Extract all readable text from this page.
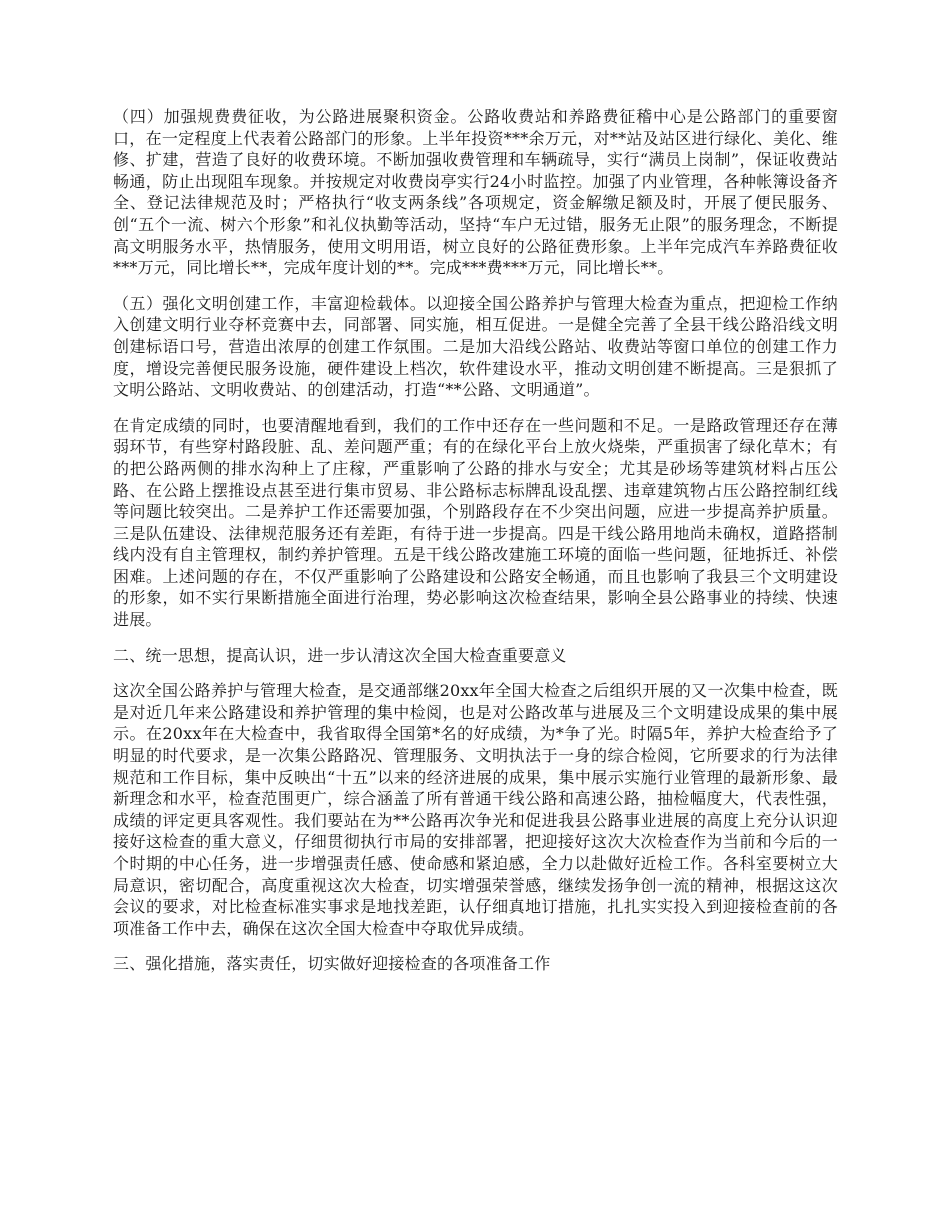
（四）加强规费费征收，为公路进展聚积资金。公路收费站和养路费征稽中心是公路部门的重要窗口，在一定程度上代表着公路部门的形象。上半年投资***余万元，对**站及站区进行绿化、美化、维修、扩建，营造了良好的收费环境。不断加强收费管理和车辆疏导，实行“满员上岗制”，保证收费站畅通，防止出现阻车现象。并按规定对收费岗亭实行24小时监控。加强了内业管理，各种帐簿设备齐全、登记法律规范及时；严格执行“收支两条线”各项规定，资金解缴足额及时，开展了便民服务、创“五个一流、树六个形象”和礼仪执勤等活动，坚持“车户无过错，服务无止限”的服务理念，不断提高文明服务水平，热情服务，使用文明用语，树立良好的公路征费形象。上半年完成汽车养路费征收***万元，同比增长**，完成年度计划的**。完成***费***万元，同比增长**。

（五）强化文明创建工作，丰富迎检载体。以迎接全国公路养护与管理大检查为重点，把迎检工作纳入创建文明行业夺杯竞赛中去，同部署、同实施，相互促进。一是健全完善了全县干线公路沿线文明创建标语口号，营造出浓厚的创建工作氛围。二是加大沿线公路站、收费站等窗口单位的创建工作力度，增设完善便民服务设施，硬件建设上档次，软件建设水平，推动文明创建不断提高。三是狠抓了文明公路站、文明收费站、的创建活动，打造“**公路、文明通道”。

在肯定成绩的同时，也要清醒地看到，我们的工作中还存在一些问题和不足。一是路政管理还存在薄弱环节，有些穿村路段脏、乱、差问题严重；有的在绿化平台上放火烧柴，严重损害了绿化草木；有的把公路两侧的排水沟种上了庄稼，严重影响了公路的排水与安全；尤其是砂场等建筑材料占压公路、在公路上摆推设点甚至进行集市贸易、非公路标志标牌乱设乱摆、违章建筑物占压公路控制红线等问题比较突出。二是养护工作还需要加强，个别路段存在不少突出问题，应进一步提高养护质量。三是队伍建设、法律规范服务还有差距，有待于进一步提高。四是干线公路用地尚未确权，道路搭制线内没有自主管理权，制约养护管理。五是干线公路改建施工环境的面临一些问题，征地拆迁、补偿困难。上述问题的存在，不仅严重影响了公路建设和公路安全畅通，而且也影响了我县三个文明建设的形象，如不实行果断措施全面进行治理，势必影响这次检查结果，影响全县公路事业的持续、快速进展。

二、统一思想，提高认识，进一步认清这次全国大检查重要意义

这次全国公路养护与管理大检查，是交通部继20xx年全国大检查之后组织开展的又一次集中检查，既是对近几年来公路建设和养护管理的集中检阅，也是对公路改革与进展及三个文明建设成果的集中展示。在20xx年在大检查中，我省取得全国第*名的好成绩，为*争了光。时隔5年，养护大检查给予了明显的时代要求，是一次集公路路况、管理服务、文明执法于一身的综合检阅，它所要求的行为法律规范和工作目标，集中反映出“十五”以来的经济进展的成果，集中展示实施行业管理的最新形象、最新理念和水平，检查范围更广，综合涵盖了所有普通干线公路和高速公路，抽检幅度大，代表性强，成绩的评定更具客观性。我们要站在为**公路再次争光和促进我县公路事业进展的高度上充分认识迎接好这检查的重大意义，仔细贯彻执行市局的安排部署，把迎接好这次大次检查作为当前和今后的一个时期的中心任务，进一步增强责任感、使命感和紧迫感，全力以赴做好近检工作。各科室要树立大局意识，密切配合，高度重视这次大检查，切实增强荣誉感，继续发扬争创一流的精神，根据这这次会议的要求，对比检查标准实事求是地找差距，认仔细真地订措施，扎扎实实投入到迎接检查前的各项准备工作中去，确保在这次全国大检查中夺取优异成绩。

三、强化措施，落实责任，切实做好迎接检查的各项准备工作
